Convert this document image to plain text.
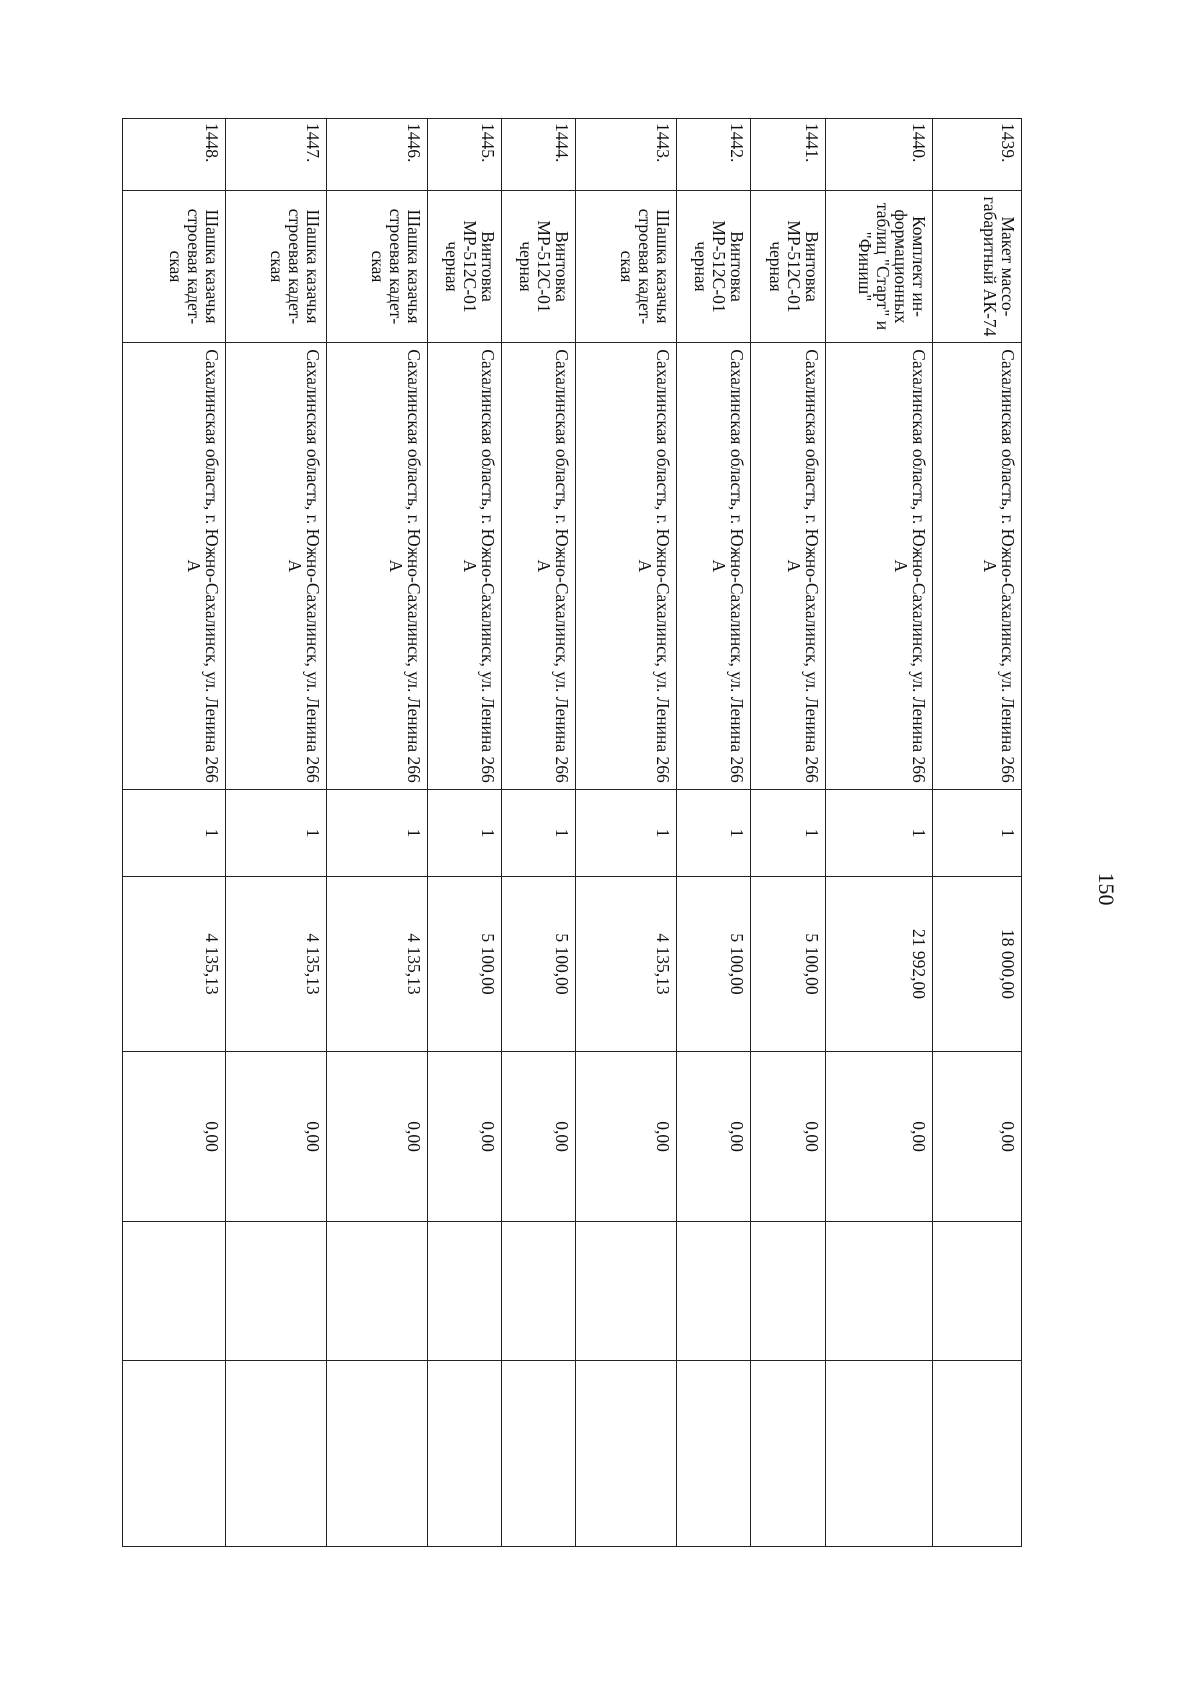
150
1439.	Макет массо-габаритный АК-74	Сахалинская область, г. Южно-Сахалинск, ул. Ленина 266 А	1	18 000,00	0,00		
1440.	Комплект ин-формационных таблиц "Старт" и "Финиш"	Сахалинская область, г. Южно-Сахалинск, ул. Ленина 266 А	1	21 992,00	0,00		
1441.	Винтовка МР-512С-01 черная	Сахалинская область, г. Южно-Сахалинск, ул. Ленина 266 А	1	5 100,00	0,00		
1442.	Винтовка МР-512С-01 черная	Сахалинская область, г. Южно-Сахалинск, ул. Ленина 266 А	1	5 100,00	0,00		
1443.	Шашка казачья строевая кадет-ская	Сахалинская область, г. Южно-Сахалинск, ул. Ленина 266 А	1	4 135,13	0,00		
1444.	Винтовка МР-512С-01 черная	Сахалинская область, г. Южно-Сахалинск, ул. Ленина 266 А	1	5 100,00	0,00		
1445.	Винтовка МР-512С-01 черная	Сахалинская область, г. Южно-Сахалинск, ул. Ленина 266 А	1	5 100,00	0,00		
1446.	Шашка казачья строевая кадет-ская	Сахалинская область, г. Южно-Сахалинск, ул. Ленина 266 А	1	4 135,13	0,00		
1447.	Шашка казачья строевая кадет-ская	Сахалинская область, г. Южно-Сахалинск, ул. Ленина 266 А	1	4 135,13	0,00		
1448.	Шашка казачья строевая кадет-ская	Сахалинская область, г. Южно-Сахалинск, ул. Ленина 266 А	1	4 135,13	0,00		
